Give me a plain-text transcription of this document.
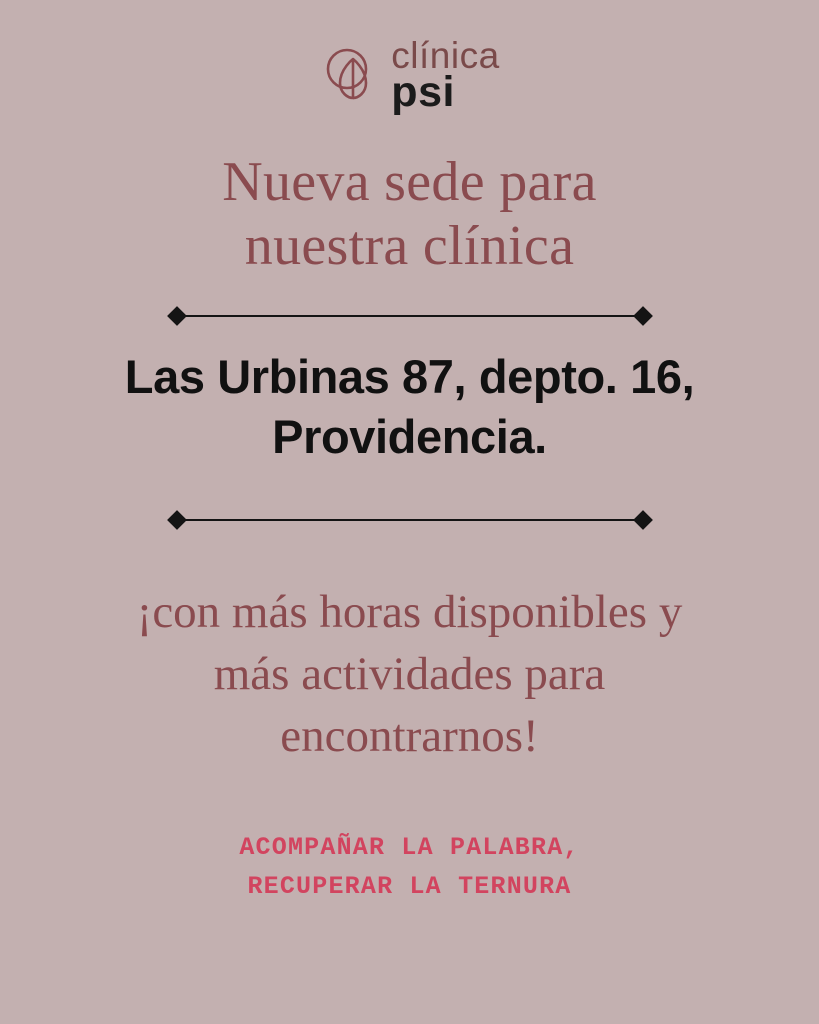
clínica
psi
Nueva sede para
nuestra clínica
Las Urbinas 87, depto. 16,
Providencia.
¡con más horas disponibles y
más actividades para
encontrarnos!
ACOMPAÑAR LA PALABRA,
RECUPERAR LA TERNURA
